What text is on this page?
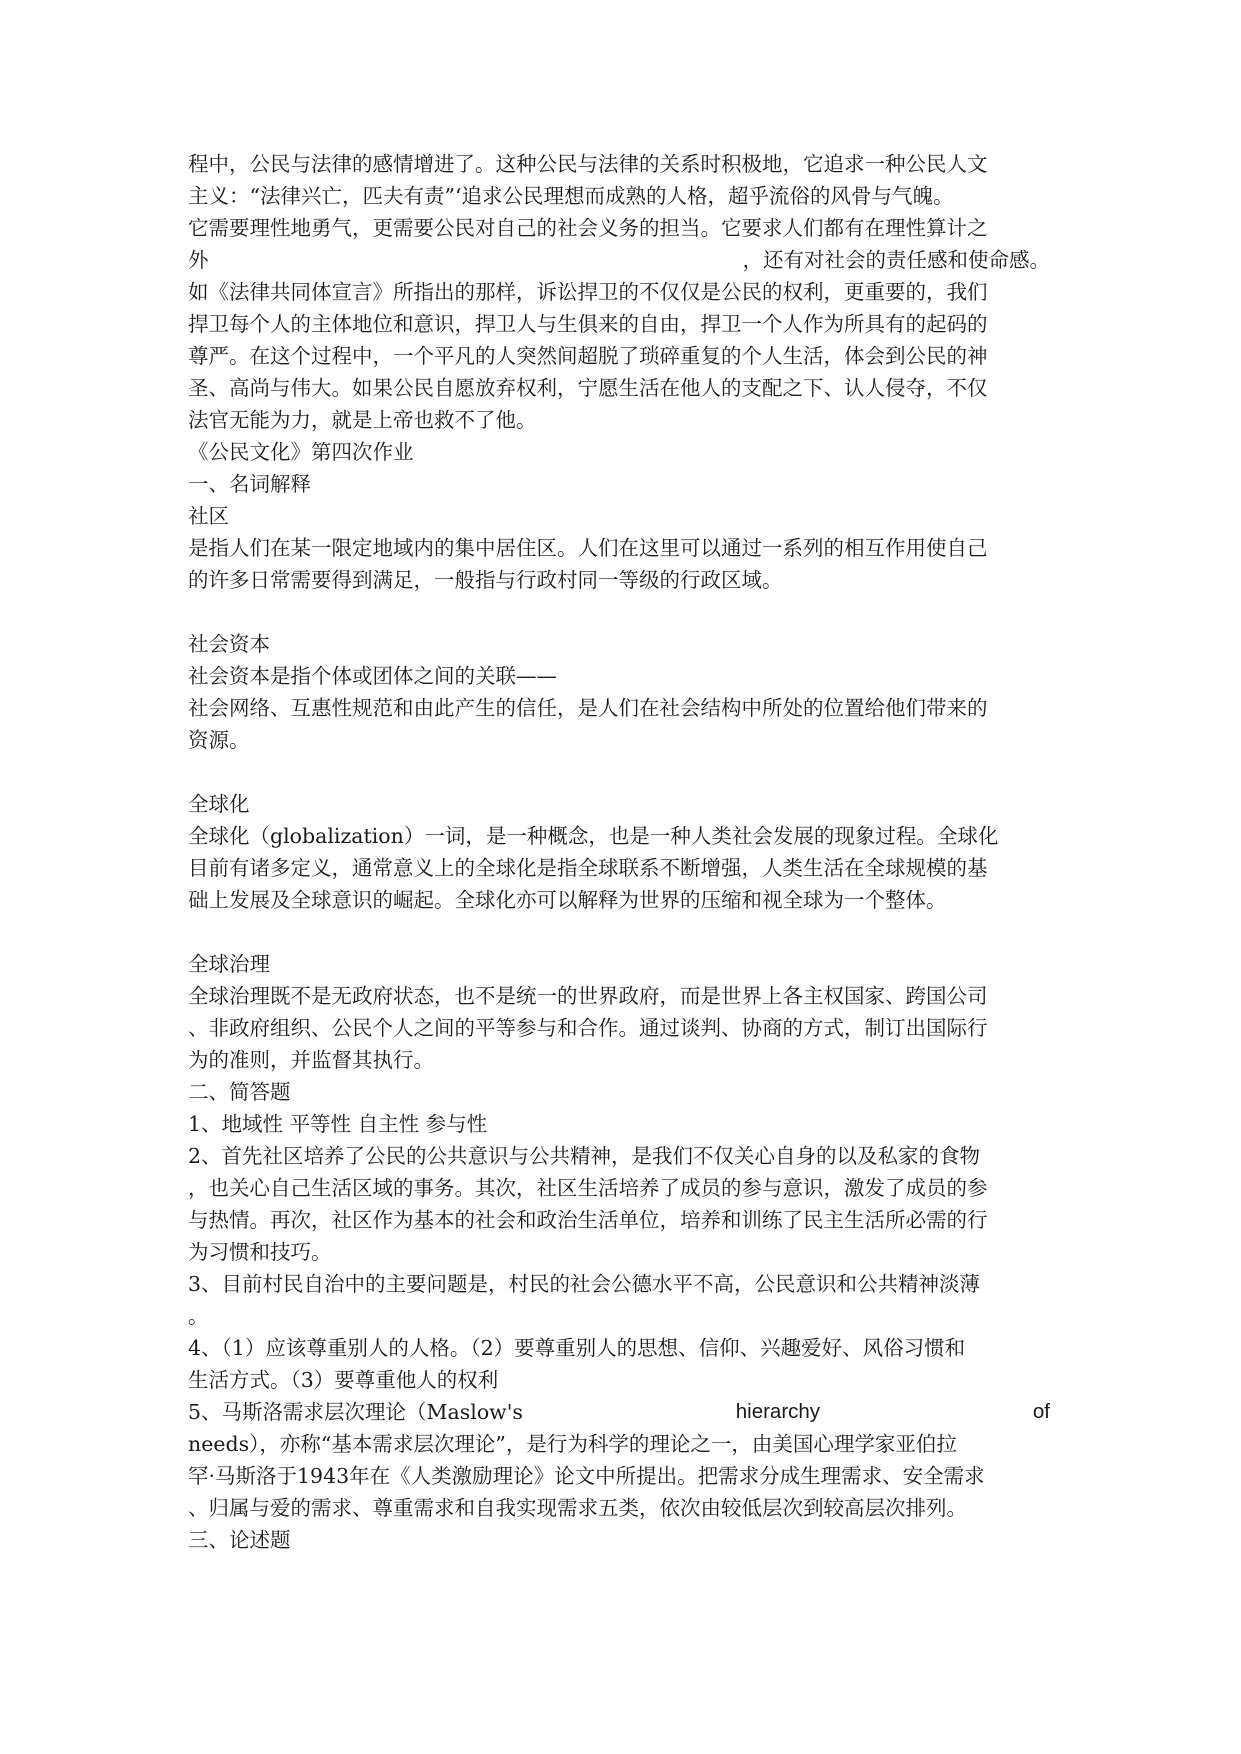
程中，公民与法律的感情增进了。这种公民与法律的关系时积极地，它追求一种公民人文
主义：“法律兴亡，匹夫有责”‘追求公民理想而成熟的人格，超乎流俗的风骨与气魄。
它需要理性地勇气，更需要公民对自己的社会义务的担当。它要求人们都有在理性算计之
外	，还有对社会的责任感和使命感。
如《法律共同体宣言》所指出的那样，诉讼捍卫的不仅仅是公民的权利，更重要的，我们
捍卫每个人的主体地位和意识，捍卫人与生俱来的自由，捍卫一个人作为所具有的起码的
尊严。在这个过程中，一个平凡的人突然间超脱了琐碎重复的个人生活，体会到公民的神
圣、高尚与伟大。如果公民自愿放弃权利，宁愿生活在他人的支配之下、认人侵夺，不仅
法官无能为力，就是上帝也救不了他。
《公民文化》第四次作业
一、名词解释
社区
是指人们在某一限定地域内的集中居住区。人们在这里可以通过一系列的相互作用使自己
的许多日常需要得到满足，一般指与行政村同一等级的行政区域。
社会资本
社会资本是指个体或团体之间的关联——
社会网络、互惠性规范和由此产生的信任，是人们在社会结构中所处的位置给他们带来的
资源。
全球化
全球化（globalization）一词，是一种概念，也是一种人类社会发展的现象过程。全球化
目前有诸多定义，通常意义上的全球化是指全球联系不断增强，人类生活在全球规模的基
础上发展及全球意识的崛起。全球化亦可以解释为世界的压缩和视全球为一个整体。
全球治理
全球治理既不是无政府状态，也不是统一的世界政府，而是世界上各主权国家、跨国公司
、非政府组织、公民个人之间的平等参与和合作。通过谈判、协商的方式，制订出国际行
为的准则，并监督其执行。
二、简答题
1、地域性 平等性 自主性 参与性
2、首先社区培养了公民的公共意识与公共精神，是我们不仅关心自身的以及私家的食物
，也关心自己生活区域的事务。其次，社区生活培养了成员的参与意识，激发了成员的参
与热情。再次，社区作为基本的社会和政治生活单位，培养和训练了民主生活所必需的行
为习惯和技巧。
3、目前村民自治中的主要问题是，村民的社会公德水平不高，公民意识和公共精神淡薄
。
4、（1）应该尊重别人的人格。（2）要尊重别人的思想、信仰、兴趣爱好、风俗习惯和
生活方式。（3）要尊重他人的权利
5、马斯洛需求层次理论（Maslow's	hierarchy	of
needs），亦称“基本需求层次理论”，是行为科学的理论之一，由美国心理学家亚伯拉
罕·马斯洛于1943年在《人类激励理论》论文中所提出。把需求分成生理需求、安全需求
、归属与爱的需求、尊重需求和自我实现需求五类，依次由较低层次到较高层次排列。
三、论述题
